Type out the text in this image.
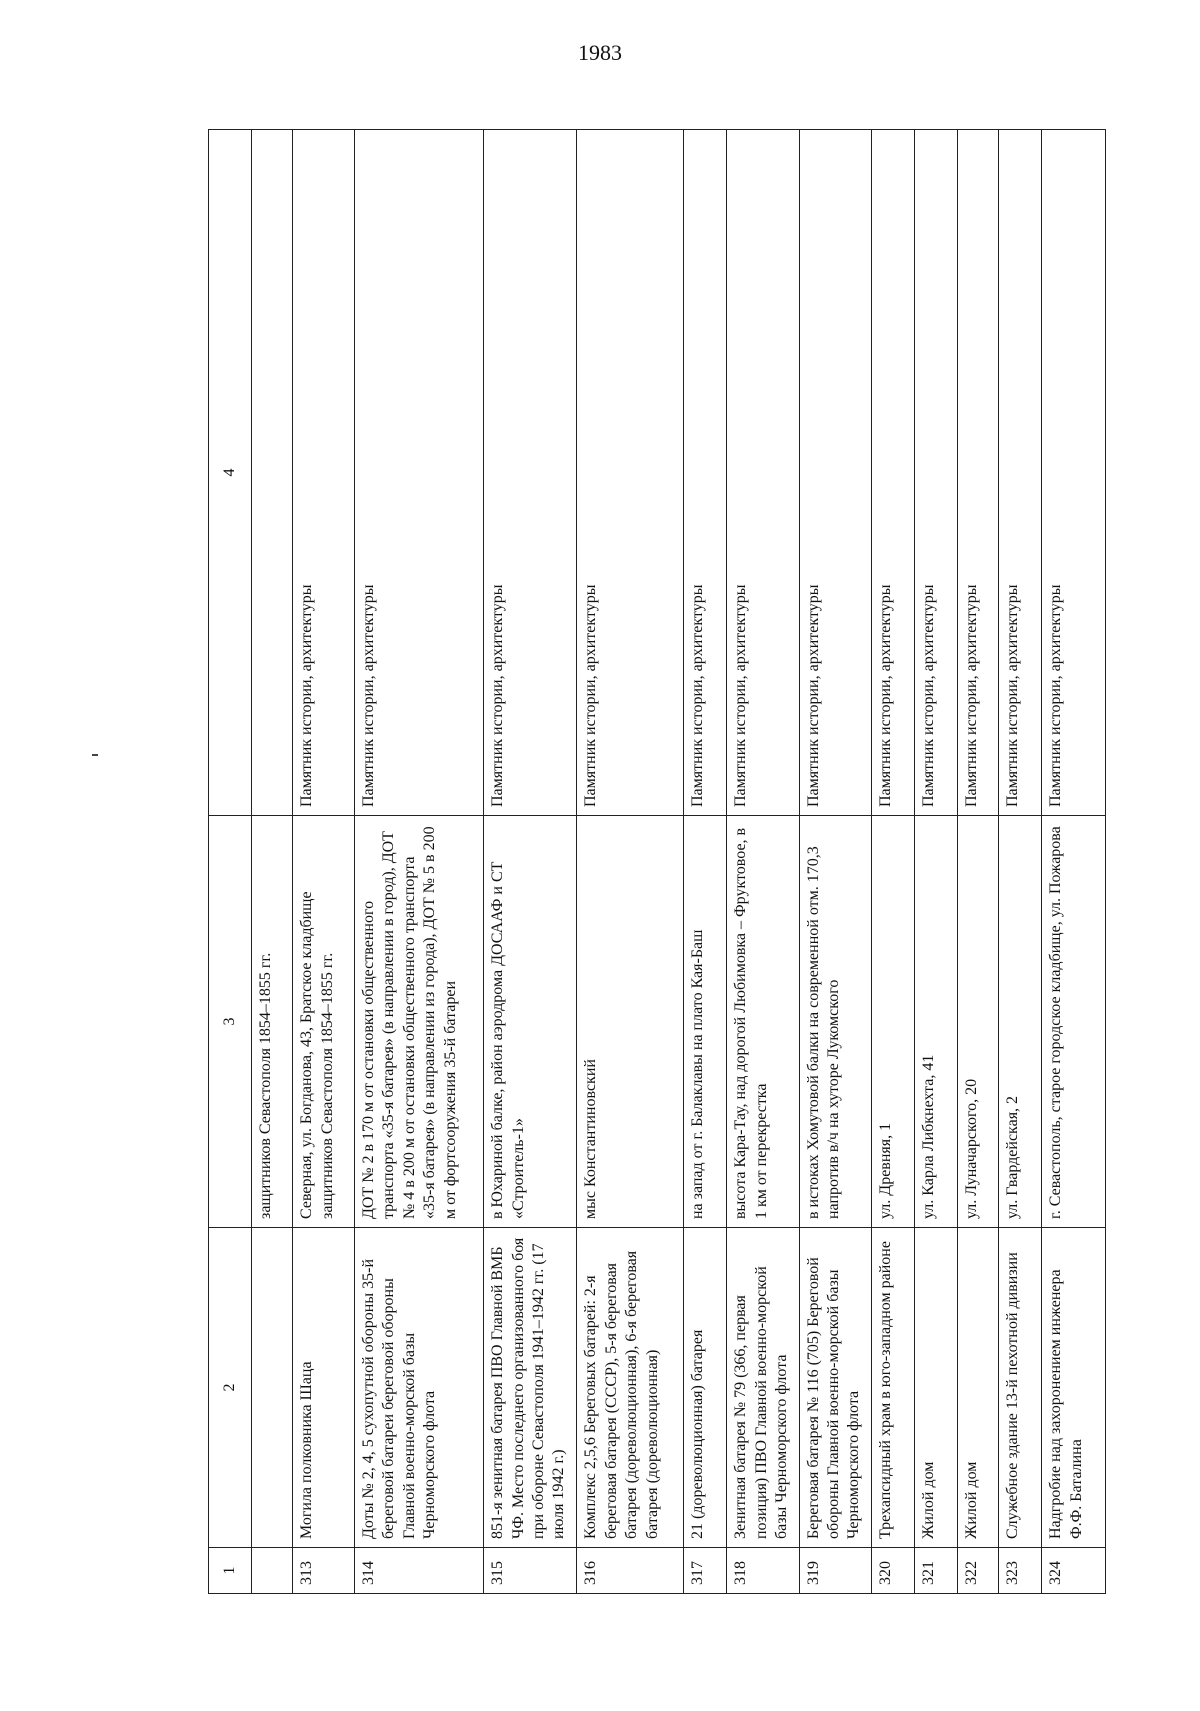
1983
1	2	3	4
		защитников Севастополя 1854–1855 гг.	
313	Могила полковника Шаца	Северная, ул. Богданова, 43, Братское кладбище защитников Севастополя 1854–1855 гг.	Памятник истории, архитектуры
314	Доты № 2, 4, 5 сухопутной обороны 35-й береговой батареи береговой обороны Главной военно-морской базы Черноморского флота	ДОТ № 2 в 170 м от остановки общественного транспорта «35-я батарея» (в направлении в город), ДОТ № 4 в 200 м от остановки общественного транспорта «35-я батарея» (в направлении из города), ДОТ № 5 в 200 м от фортсооружения 35-й батареи	Памятник истории, архитектуры
315	851-я зенитная батарея ПВО Главной ВМБ ЧФ. Место последнего организованного боя при обороне Севастополя 1941–1942 гг. (17 июля 1942 г.)	в Юхариной балке, район аэродрома ДОСААФ и СТ «Строитель-1»	Памятник истории, архитектуры
316	Комплекс 2,5,6 Береговых батарей: 2-я береговая батарея (СССР), 5-я береговая батарея (дореволюционная), 6-я береговая батарея (дореволюционная)	мыс Константиновский	Памятник истории, архитектуры
317	21 (дореволюционная) батарея	на запад от г. Балаклавы на плато Кая-Баш	Памятник истории, архитектуры
318	Зенитная батарея № 79 (366, первая позиция) ПВО Главной военно-морской базы Черноморского флота	высота Кара-Тау, над дорогой Любимовка – Фруктовое, в 1 км от перекрестка	Памятник истории, архитектуры
319	Береговая батарея № 116 (705) Береговой обороны Главной военно-морской базы Черноморского флота	в истоках Хомутовой балки на современной отм. 170,3 напротив в/ч на хуторе Лукомского	Памятник истории, архитектуры
320	Трехапсидный храм в юго-западном районе	ул. Древняя, 1	Памятник истории, архитектуры
321	Жилой дом	ул. Карла Либкнехта, 41	Памятник истории, архитектуры
322	Жилой дом	ул. Луначарского, 20	Памятник истории, архитектуры
323	Служебное здание 13-й пехотной дивизии	ул. Гвардейская, 2	Памятник истории, архитектуры
324	Надгробие над захоронением инженера Ф.Ф. Баталина	г. Севастополь, старое городское кладбище, ул. Пожарова	Памятник истории, архитектуры
